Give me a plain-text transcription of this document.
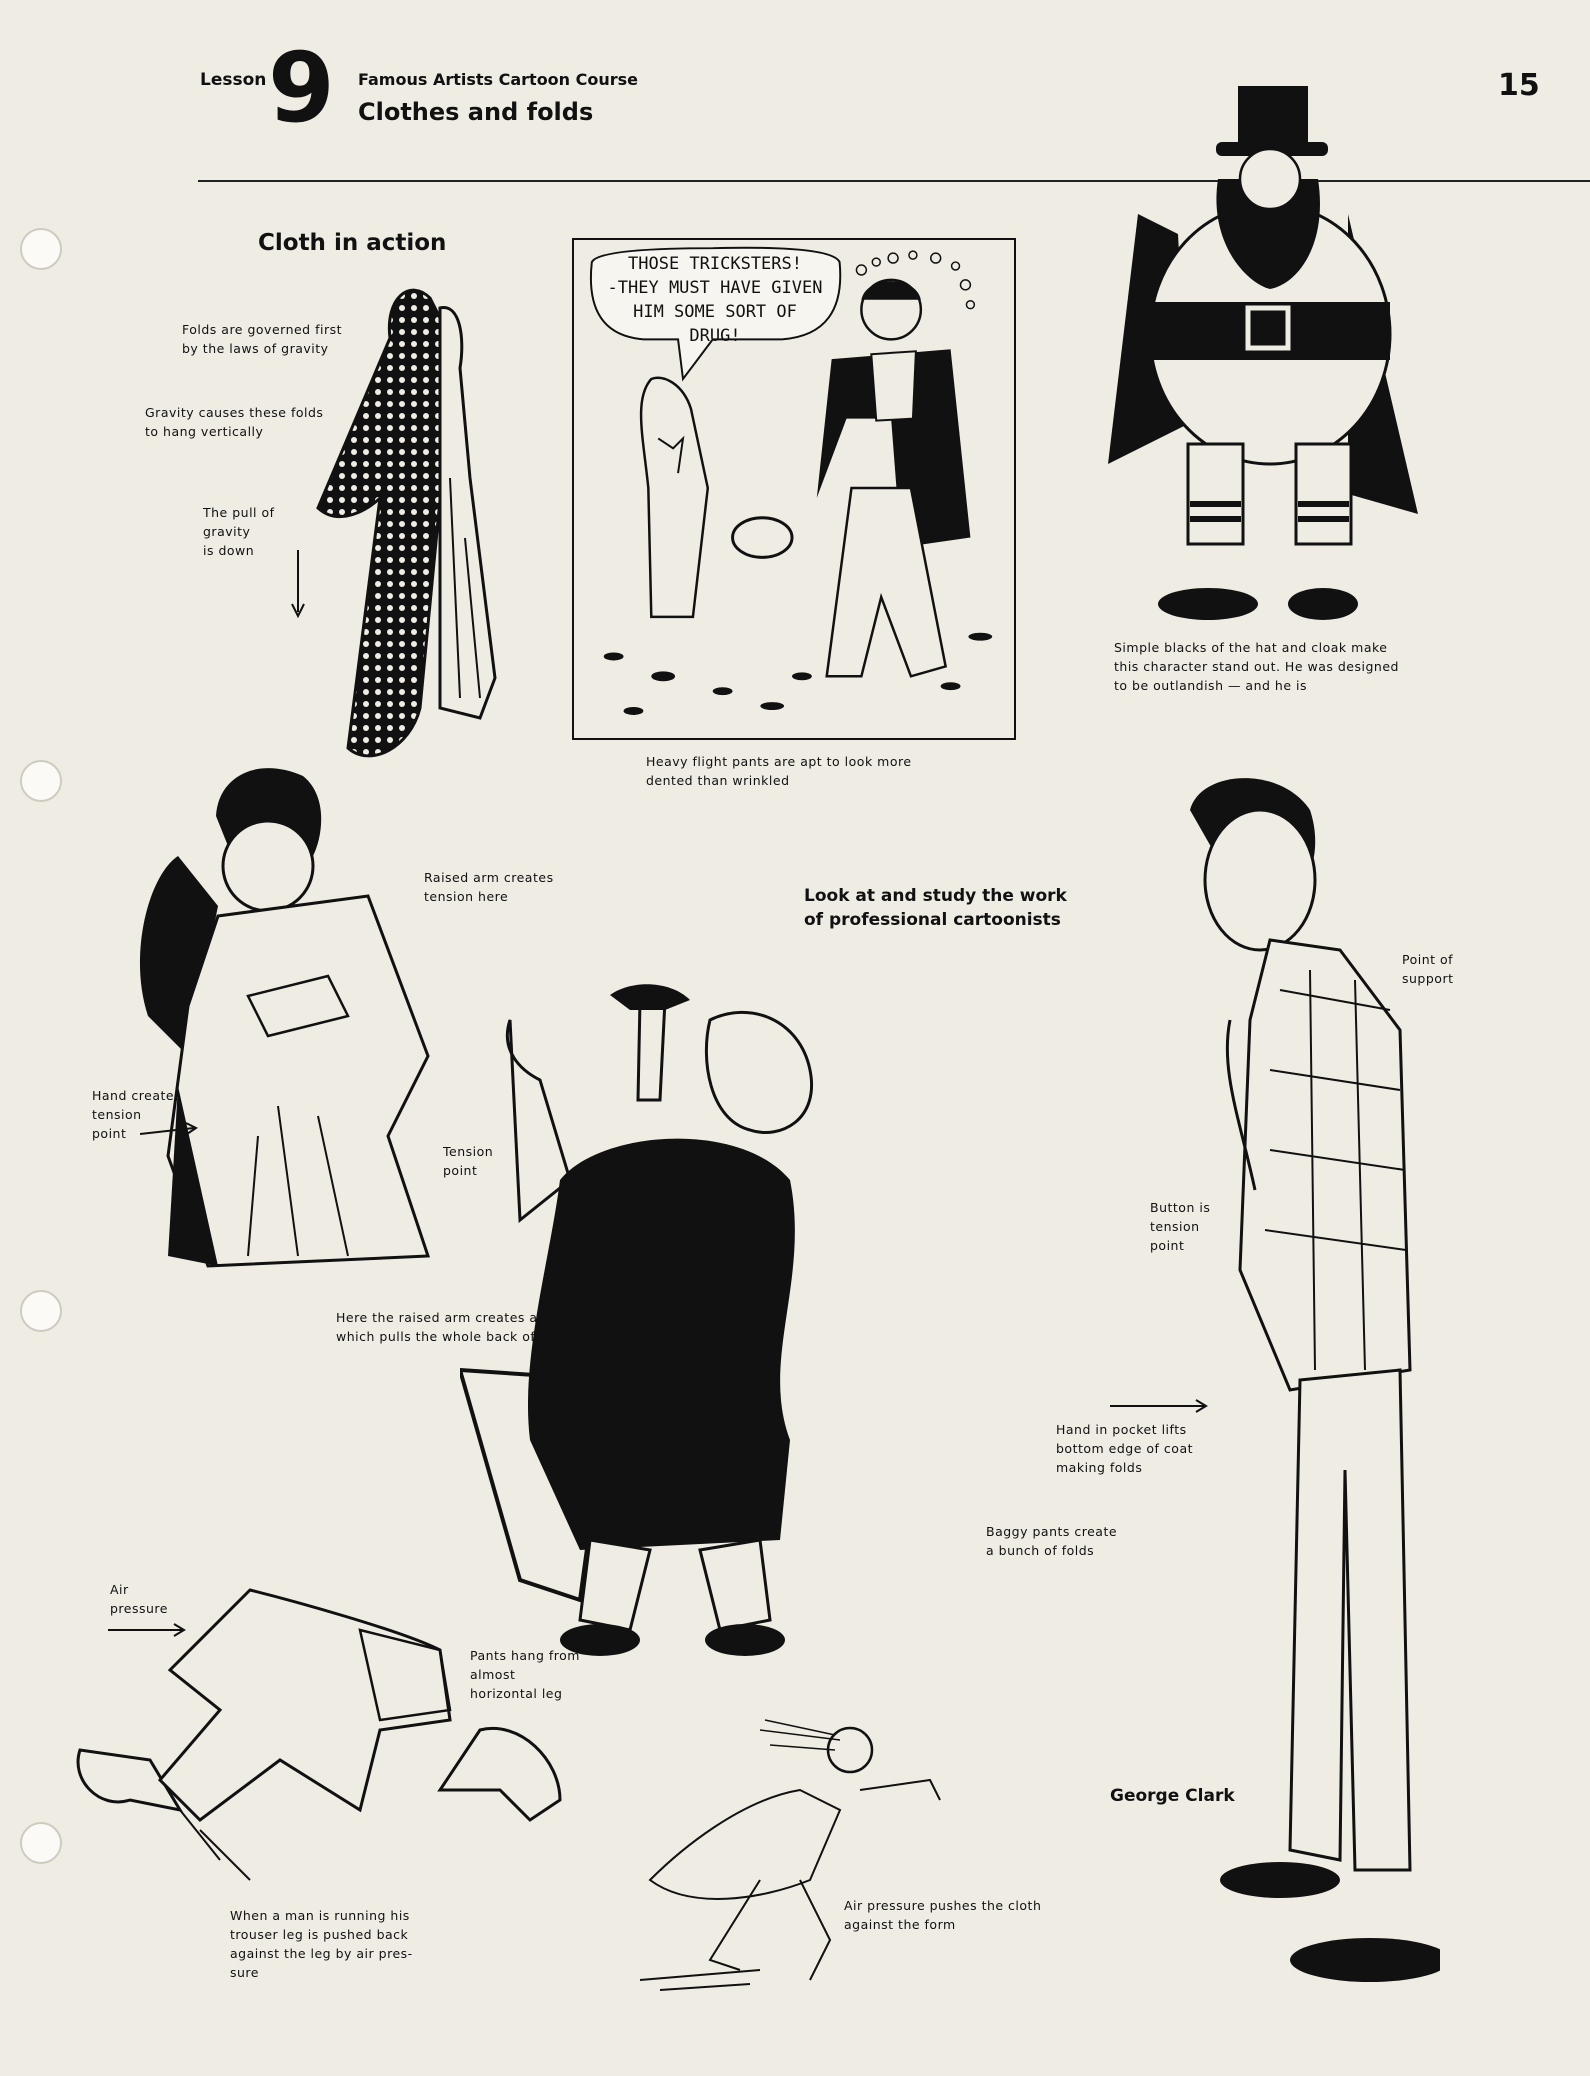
Lesson 9 Famous Artists Cartoon Course
Clothes and folds
15
Cloth in action
Folds are governed first
by the laws of gravity
Gravity causes these folds
to hang vertically
The pull of
gravity
is down
THOSE TRICKSTERS!
-THEY MUST HAVE GIVEN
HIM SOME SORT OF
DRUG!
Heavy flight pants are apt to look more
dented than wrinkled
Simple blacks of the hat and cloak make
this character stand out. He was designed
to be outlandish — and he is
Raised arm creates
tension here
Hand creates
tension
point
Tension
point
Look at and study the work
of professional cartoonists
Here the raised arm creates a tension
which pulls the whole back of the coat
Baggy pants create
a bunch of folds
Point of
support
Button is
tension
point
Hand in pocket lifts
bottom edge of coat
making folds
George Clark
Air
pressure
Pants hang from
almost
horizontal leg
When a man is running his
trouser leg is pushed back
against the leg by air pres-
sure
Air pressure pushes the cloth
against the form
